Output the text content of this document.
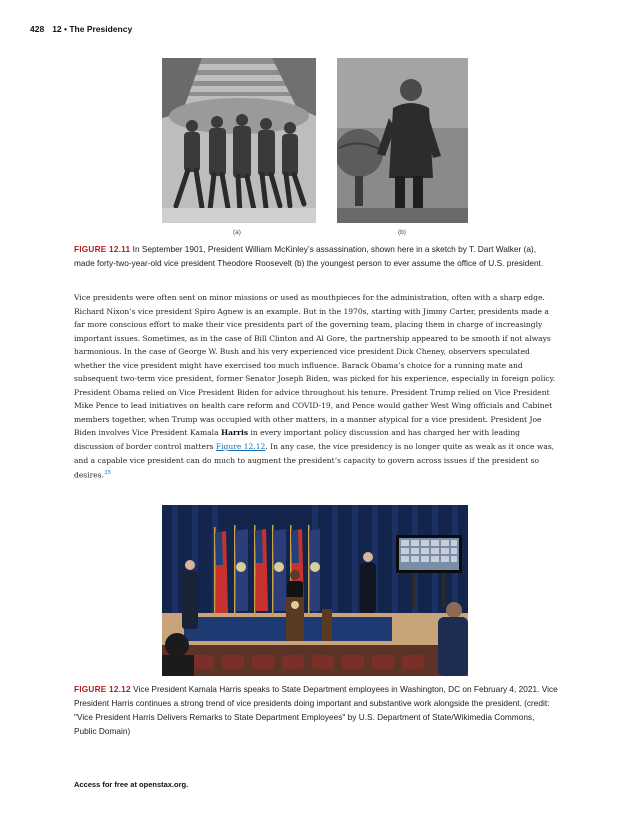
428 12 • The Presidency
(a)	(b)
FIGURE 12.11 In September 1901, President William McKinley’s assassination, shown here in a sketch by T. Dart Walker (a), made forty-two-year-old vice president Theodore Roosevelt (b) the youngest person to ever assume the office of U.S. president.
Vice presidents were often sent on minor missions or used as mouthpieces for the administration, often with a sharp edge. Richard Nixon’s vice president Spiro Agnew is an example. But in the 1970s, starting with Jimmy Carter, presidents made a far more conscious effort to make their vice presidents part of the governing team, placing them in charge of increasingly important issues. Sometimes, as in the case of Bill Clinton and Al Gore, the partnership appeared to be smooth if not always harmonious. In the case of George W. Bush and his very experienced vice president Dick Cheney, observers speculated whether the vice president might have exercised too much influence. Barack Obama’s choice for a running mate and subsequent two-term vice president, former Senator Joseph Biden, was picked for his experience, especially in foreign policy. President Obama relied on Vice President Biden for advice throughout his tenure. President Trump relied on Vice President Mike Pence to lead initiatives on health care reform and COVID-19, and Pence would gather West Wing officials and Cabinet members together, when Trump was occupied with other matters, in a manner atypical for a vice president. President Joe Biden involves Vice President Kamala Harris in every important policy discussion and has charged her with leading discussion of border control matters Figure 12.12. In any case, the vice presidency is no longer quite as weak as it once was, and a capable vice president can do much to augment the president’s capacity to govern across issues if the president so desires.$^{35}$
FIGURE 12.12 Vice President Kamala Harris speaks to State Department employees in Washington, DC on February 4, 2021. Vice President Harris continues a strong trend of vice presidents doing important and substantive work alongside the president. (credit: "Vice President Harris Delivers Remarks to State Department Employees" by U.S. Department of State/Wikimedia Commons, Public Domain)
Access for free at openstax.org.
